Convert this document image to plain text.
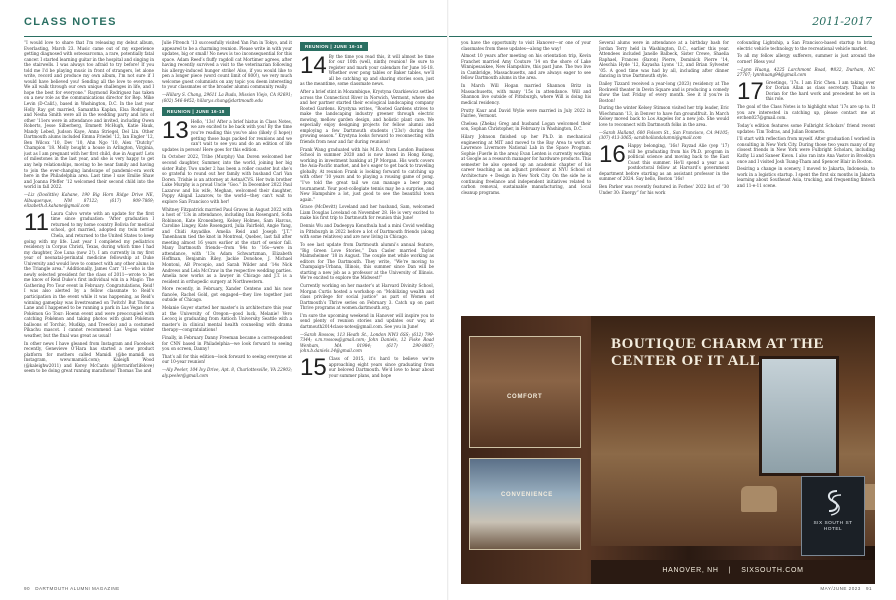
CLASS NOTES	2011-2017

“I would love to share that I’m releasing my debut album, Everlasting, March 23. Music came out of my experience getting diagnosed with osteosarcoma, a rare, potentially fatal cancer. I started learning guitar in the hospital and singing in the stairwells. I was always too afraid to try before! If you told me I’d be playing music in front of strangers, let alone write, record and produce my own album, I’m not sure if I would have believed you! Sending all the love to everyone. We all walk through our own unique challenges in life, and I hope the best for everyone.” Raymond Rodriguez has taken on a new role as the communications director for Rep. Mike Levin (D-Calif.), based in Washington, D.C. In the last year Holly Ray got married, Samantha Kaplan, Elsa Rodriguez, and Nesha Smith were all in the wedding party and lots of other ’11ers were in attendance and invited, including Owen Roberts, Jesse Silberberg, Emmett McHugh, Katie Hauk, Mandy Lebed, Judson Kaye, Anna Striegel, Del Lin. Other Dartmouth alums included Emma Friedel ’12, Ian Engler ’12, Ben Wilcox ’10, Dev ’10, Ahn Ngo ’10, Alex “Dutchy” Champion ’18. Molly bought a house in Arlington, Virginia, just as I am pregnant with her first child, due in August! Lots of milestones in the last year, and she is very happy to get any help relationships, moving to be near family and having to join the ever-changing landscape of pandemic-era work here in the Philadelphia area. Last time I saw Emilie Shaw and Joanna Pfeffer ’12 welcomed their second child into the world in fall 2022.

—Liz (Doolittle) Kahane, 190 Big Horn Ridge Drive NE, Albuquerque, NM 87122; (617) 909-7869; elizabeth.d.kahane@gmail.com

11 Laura Calvo wrote with an update for the first time since graduation: “After graduation I returned to my home country Bolivia for medical school, got married, adopted my twin terrier Chela, and returned to the United States to keep going with my life. Last year I completed my pediatrics residency in Corpus Christi, Texas, during which time I had my daughter, Zoe Luna (now 2!). I am currently in my first year of neonatal-perinatal medicine fellowship at Duke University and would love to connect with any other alums in the Triangle area.” Additionally, James Carr ’11—who is the newly selected president for the class of 2011—wrote to let me know of Reid Duke’s first individual win in a Magic: The Gathering Pro Tour event in February. Congratulations, Reid! I was also alerted by a fellow classmate to Reid’s participation in the event while it was happening, as Reid’s winning gameplay was livestreamed on Twitch! But Thomas Lane and I happened to be running a park in Las Vegas for a Pokémon Go Tour: Hoenn event and were preoccupied with catching Pokémon and taking photos with giant Pokémon balloons of Torchic, Mudkip, and Treecko) and a costumed Pikachu mascot. I cannot recommend Las Vegas winter weather, but the final was great as usual!

In other news I have gleaned from Instagram and Facebook recently, Genevieve O’Hara has started a new product platform for mothers called Mamidi (@be_mamidi on Instagram, www.mamidi.com); Kaleigh Wood (@kaleighw2011) and Korey McCants (@ferrariforlifelove) seem to be doing great running marathons! Thomas Tao and

Julie Ffrench ’13 successfully visited Yan Pan in Tokyo, and it appeared to be a charming reunion. Please write in with your updates, big or small! No news is too inconsequential for this space. Adam Reed’s fluffy ragdoll cat Mortimer agrees, after having recently survived a visit to the veterinarian following his allergy-induced hunger strike! Also, if you would like to pen a longer piece (word count limit of 800!), we very much welcome guest columnists on any topic you deem interesting to your classmates or the broader alumni community really.

—Hillary S. Chang, 29611 La Buda, Mission Viejo, CA 92691; (602) 546-8452; hillary.s.chang@dartmouth.edu

REUNION | JUNE 16-18

13 Hello, ’13s! After a brief hiatus in Class Notes, we are excited to be back with you! By the time you’re reading this you’ve also (likely (I hope)) getting those bags packed for reunions and we can’t wait to see you and do an edition of life updates in person! Here goes for this edition.

In October 2022, Tribe (Murphy) Van Doren welcomed her second daughter, Summer, into the world, joining her big sister Ruby. Two under 2 has been a roller coaster but she’s so grateful to round out her family with husband Carl Van Doren. Trishie is an attorney at Aetna/CVS. Her twin brother Luke Murphy is a proud Uncle “Goo.” In December 2022 Paul Lazarow and his wife, Meghan, welcomed their daughter, Poppy Abigail Lazarow, to the world—they can’t wait to explore San Francisco with her!

Whitney Fitzpatrick married Paul Graves in August 2022 with a host of ’13s in attendance, including Dan Rosengard, Sofia Robinson, Kate Kronenberg, Kelsey Holmes, Sam Harcus, Caroline Lingey, Kate Rosengard, Julia Fairfield, Angie Yang, and Chidi Anyadike. Amelia Reid and Joseph “J.T.” Tanenbaum tied the knot in Montreal, Quebec, last fall after meeting almost 16 years earlier at the start of senior fall. Many Dartmouth friends—from ’84s to ’16s—were in attendance, with ’13s Adam Schwartzman, Elizabeth Hoffman, Benjamin Riley, Jackie Donohoe, J. Michael Montoni, AB Procopio, and Sarah Wilder and ’14s Nick Andrews and Lela McCraw in the respective wedding parties. Amelia now works as a lawyer in Chicago and J.T. is a resident in orthopedic surgery at Northwestern.

More recently, in February, Xander Centeno and his now fiancée, Rachel Gold, got engaged—they live together just outside of Chicago.

Melanie Guyer started her master’s in architecture this year at the University of Oregon—good luck, Melanie! Vero Lecocq is graduating from Antioch University Seattle with a master’s in clinical mental health counseling with drama therapy—congratulations!

Finally, in February Danny Freeman became a correspondent for CNN based in Philadelphia—we look forward to seeing you on screen, Danny!

That’s all for this edition—look forward to seeing everyone at our 10-year reunion!

—Aly Peeler, 104 Ivy Drive, Apt. 8, Charlottesville, VA 22903; aly.peeler@gmail.com

REUNION | JUNE 16-18

14 By the time you read this, it will almost be time for our 10th (well, ninth) reunion! Be sure to register and mark your calendars for June 16-18. Whether over pong tables or Baker tables, we’ll all be catching up and sharing stories soon, just as the meantime, some classmate news.

After a brief stint in Mozambique, Krystyna Ozarkiewicz settled across the Connecticut River in Norwich, Vermont, where she and her partner started their ecological landscaping company Rooted Gardens. Krystyna writes, “Rooted Gardens strives to make the landscaping industry greener through electric mowing, mellow garden design, and holistic plant care. We especially enjoy designing projects for fellow alumni and employing a few Dartmouth students (’23s!) during the growing season.” Krystyna looks forward to reconnecting with friends from near and far during reunions!

Frank Wang graduated with his M.B.A. from London Business School in summer 2020 and is now based in Hong Kong, working in investment banking at JP Morgan. His work covers the Asia-Pacific market, and he’s eager to get back to traveling globally. At reunion Frank is looking forward to catching up with other ’10 years and to playing a rousing game of pong. “I’ve told the great tail we can manage a beer pong tournament. Your post-collegiate tennis may be a surprise, and New Hampshire a lot, just good to see the beautiful town again.”

Grace (McDevitt) Loveland and her husband, Sam, welcomed Liam Douglas Loveland on November 28. He is very excited to make his first trip to Dartmouth for reunion this June!

Dennis Wu and Dadeepya Konuthula had a mini Covid wedding in Pittsburgh in 2022 before a lot of Dartmouth friends (along with some relatives) and are now living in Chicago.

To see last update from Dartmouth alumni’s annual feature, “Big Green Love Stories,” Dan Casler married Taylor Malmsheimer ’18 in August. The couple met while working as editors for The Dartmouth. They write, “We’re moving to Champaign-Urbana, Illinois, this summer since Dan will be starting a new job as a professor at the University of Illinois. We’re excited to explore the Midwest!”

Currently working on her master’s at Harvard Divinity School, Morgan Curtis hosted a workshop on “Mobilizing wealth and class privilege for social justice” as part of Women of Dartmouth’s Thrive series on February 3. Catch up on past Thrive programs at women.dartmouth.org.

I’m sure the upcoming weekend in Hanover will inspire you to send plenty of reunion stories and updates our way, at dartmouth2014class-notes@gmail.com. See you in June!

—Sarah Rossow, 113 Heath St., London NW3 6SS; (612) 799-7344; s.m.rossow@gmail.com; John Daniels, 12 Fiske Road Wenham, MA 01984; (617) 290-8807; john.b.daniels.14@gmail.com

15 Class of 2015, it’s hard to believe we’re approaching eight years since graduating from our beloved Dartmouth. We’d love to hear about your summer plans, and hope

you have the opportunity to visit Hanover—or one of your classmates from these updates—along the way!

Almost 10 years after meeting on his orientation trip, Kevin Franchet married Amy Couture ’14 on the shore of Lake Winnipesaukee, New Hampshire, this past June. The two live in Cambridge, Massachusetts, and are always eager to see fellow Dartmouth alums in the area.

In March Will Hogan married Shannon Britz in Massachusetts, with many ’15s in attendance. Will and Shannon live outside of Pittsburgh, where Will is doing his medical residency.

Prutty Kaur and David Wylie were married in July 2022 in Fairlee, Vermont.

Chelsea (Zheka) Greg and husband Logan welcomed their son, Sophan Christopher, in February in Washington, D.C.

Hilary Johnson finished up her Ph.D. in mechanical engineering at MIT and moved to the Bay Area to work at Lawrence Livermore National Lab in the Space Program. Sophie (Fuerle in the area) Evan Lenten is currently working at Google as a research manager for hardware products. This semester he also opened up an academic chapter of his career teaching as an adjunct professor at NYU School of Architecture + Design in New York City. On the side he is continuing freelance and independent initiatives related to carbon removal, sustainable manufacturing, and local cleanup programs.

Several alums were in attendance at a birthday bash for Jordan Terry held in Washington, D.C., earlier this year. Attendees included Janelle Balbeck, Sister Crewe, Shaelia Raphael, Frances (Baron) Pierre, Dominick Pierre ’14, Aleschia Hyde ’12, Kayasha Lyons ’12, and Brian Sylvester ’05. A good time was had by all, including after dinner dancing in true Dartmouth style.

Dailey Tizzard received a year-long (2023) residency at The Rockwell theater in Devin Square and is producing a comedy show the last Friday of every month. See it if you’re in Boston!

During the winter Kelsey Stimson visited her trip leader, Eric Wiechmann ’13, in Denver to have fun groundfruit. In March Kelsey moved back to Los Angeles for a new job. She would love to reconnect with Dartmouth folks in the area.

—Sarah Halland, 600 Folsom St., San Francisco, CA 94105; (307) 413-3065; sarahhollandalumni@gmail.com

16 Happy belonging, ’16s! Fayzad Alie (yep ’17) will be graduating from his Ph.D. program in political science and moving back to the East Coast this summer. He’ll spend a year as a postdoctoral fellow at Harvard’s government department before starting as an assistant professor in the summer of 2024. Say hello, Boston ’16s!

Ben Parker was recently featured in Forbes’ 2022 list of “30 Under 30: Energy” for his work

cofounding Lightship, a San Francisco-based startup to bring electric vehicle technology to the recreational vehicle market.

To all my fellow allergy sufferers, summer is just around the corner! Bless you!

—Lynn Huang, 4225 Larchmont Road, #832, Durham, NC 27707; lynnhuang94@gmail.com

17 Greetings, ’17s. I am Eric Chen. I am taking over for Dorian Allan as class secretary. Thanks to Dorian for the hard work and precedent he set in this role.

The goal of the Class Notes is to highlight what ’17s are up to. If you are interested in catching up, please contact me at erchen027@gmail.com.

Today’s edition features some Fulbright Scholars’ friend recent updates: Tim Todras, and Julian Bonnerts.

I’ll start with reflection from myself. After graduation I worked in consulting in New York City. During those two years many of my closest friends in New York were Fulbright Scholars, including Kathy Li and Saneer Kwon. I also ran into Ana Vastor in Brooklyn once and I visited Josh Tsang-Tham and Spencer Blair in Boston.

Desiring a change in scenery, I moved to Jakarta, Indonesia, to work in a logistics startup. I spent the first six months in Jakarta learning about Southeast Asia, trucking, and frequenting fintech and 11-e-11 scene.

BOUTIQUE CHARM AT THE CENTER OF IT ALL
COMFORT
CONVENIENCE
SIX SOUTH ST
HOTEL
HANOVER, NH | SIXSOUTH.COM
90 DARTMOUTH ALUMNI MAGAZINE	MAY/JUNE 2023 91
